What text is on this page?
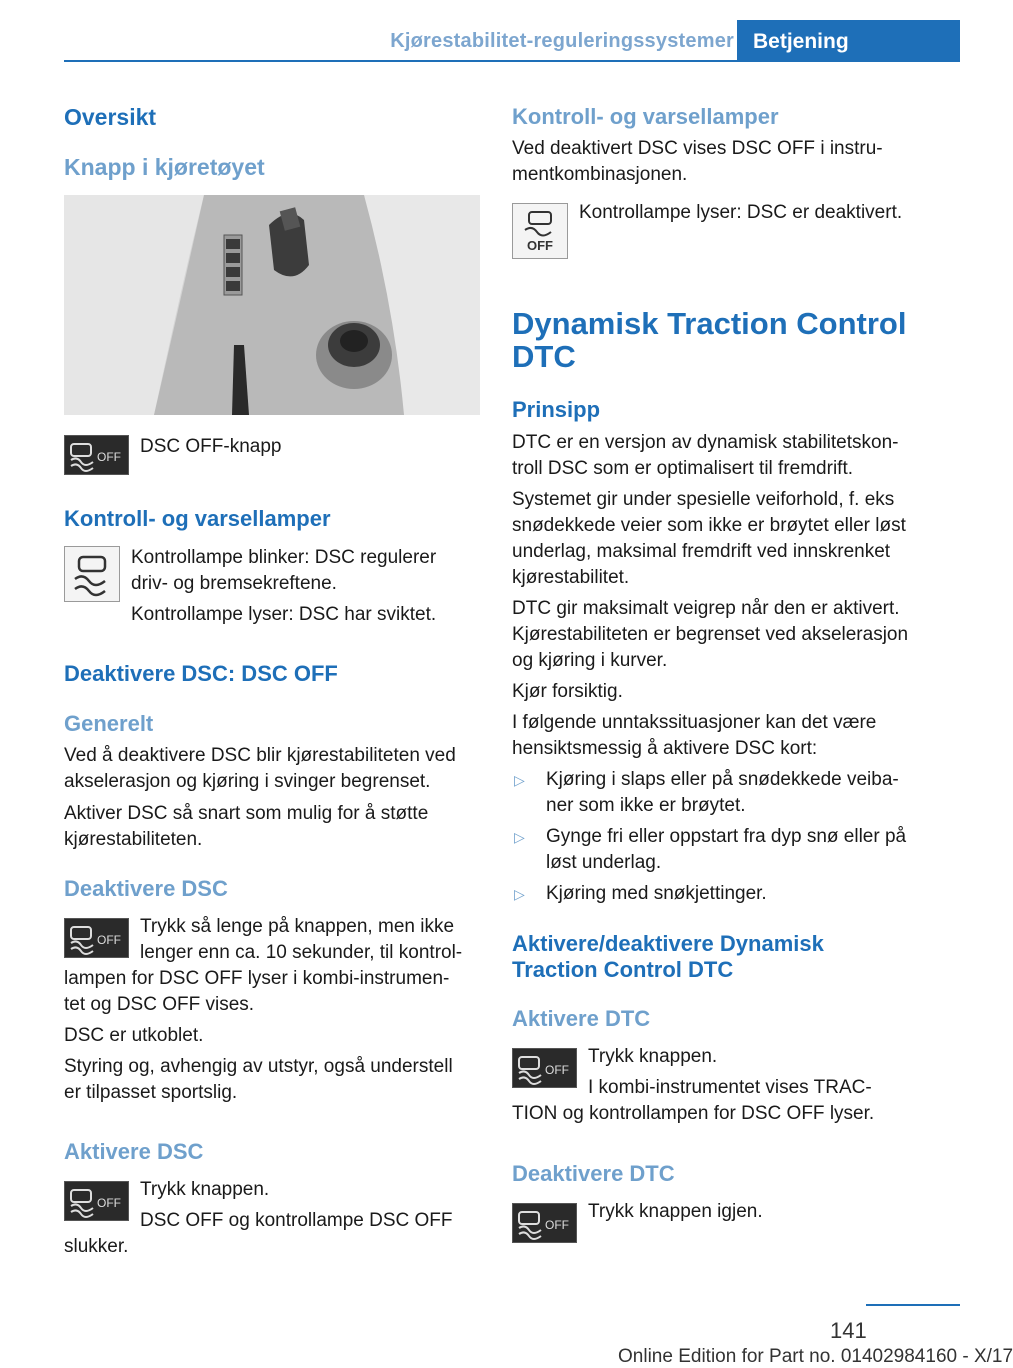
Kjørestabilitet-reguleringssystemer Betjening
Oversikt
Knapp i kjøretøyet
OFF DSC OFF-knapp
Kontroll- og varsellamper
Kontrollampe blinker: DSC regulerer
driv- og bremsekreftene.
Kontrollampe lyser: DSC har sviktet.
Deaktivere DSC: DSC OFF
Generelt
Ved å deaktivere DSC blir kjørestabiliteten ved
akselerasjon og kjøring i svinger begrenset.
Aktiver DSC så snart som mulig for å støtte
kjørestabiliteten.
Deaktivere DSC
OFF
Trykk så lenge på knappen, men ikke
lenger enn ca. 10 sekunder, til kontrol-
lampen for DSC OFF lyser i kombi-instrumen-
tet og DSC OFF vises.
DSC er utkoblet.
Styring og, avhengig av utstyr, også understell
er tilpasset sportslig.
Aktivere DSC
OFF
Trykk knappen.
DSC OFF og kontrollampe DSC OFF
slukker.
Kontroll- og varsellamper
Ved deaktivert DSC vises DSC OFF i instru-
mentkombinasjonen.
OFF
Kontrollampe lyser: DSC er deaktivert.
Dynamisk Traction Control
DTC
Prinsipp
DTC er en versjon av dynamisk stabilitetskon-
troll DSC som er optimalisert til fremdrift.
Systemet gir under spesielle veiforhold, f. eks
snødekkede veier som ikke er brøytet eller løst
underlag, maksimal fremdrift ved innskrenket
kjørestabilitet.
DTC gir maksimalt veigrep når den er aktivert.
Kjørestabiliteten er begrenset ved akselerasjon
og kjøring i kurver.
Kjør forsiktig.
I følgende unntakssituasjoner kan det være
hensiktsmessig å aktivere DSC kort:
▷ Kjøring i slaps eller på snødekkede veiba-
ner som ikke er brøytet.
▷ Gynge fri eller oppstart fra dyp snø eller på
løst underlag.
▷ Kjøring med snøkjettinger.
Aktivere/deaktivere Dynamisk
Traction Control DTC
Aktivere DTC
OFF
Trykk knappen.
I kombi-instrumentet vises TRAC-
TION og kontrollampen for DSC OFF lyser.
Deaktivere DTC
OFF
Trykk knappen igjen.
141
Online Edition for Part no. 01402984160 - X/17
